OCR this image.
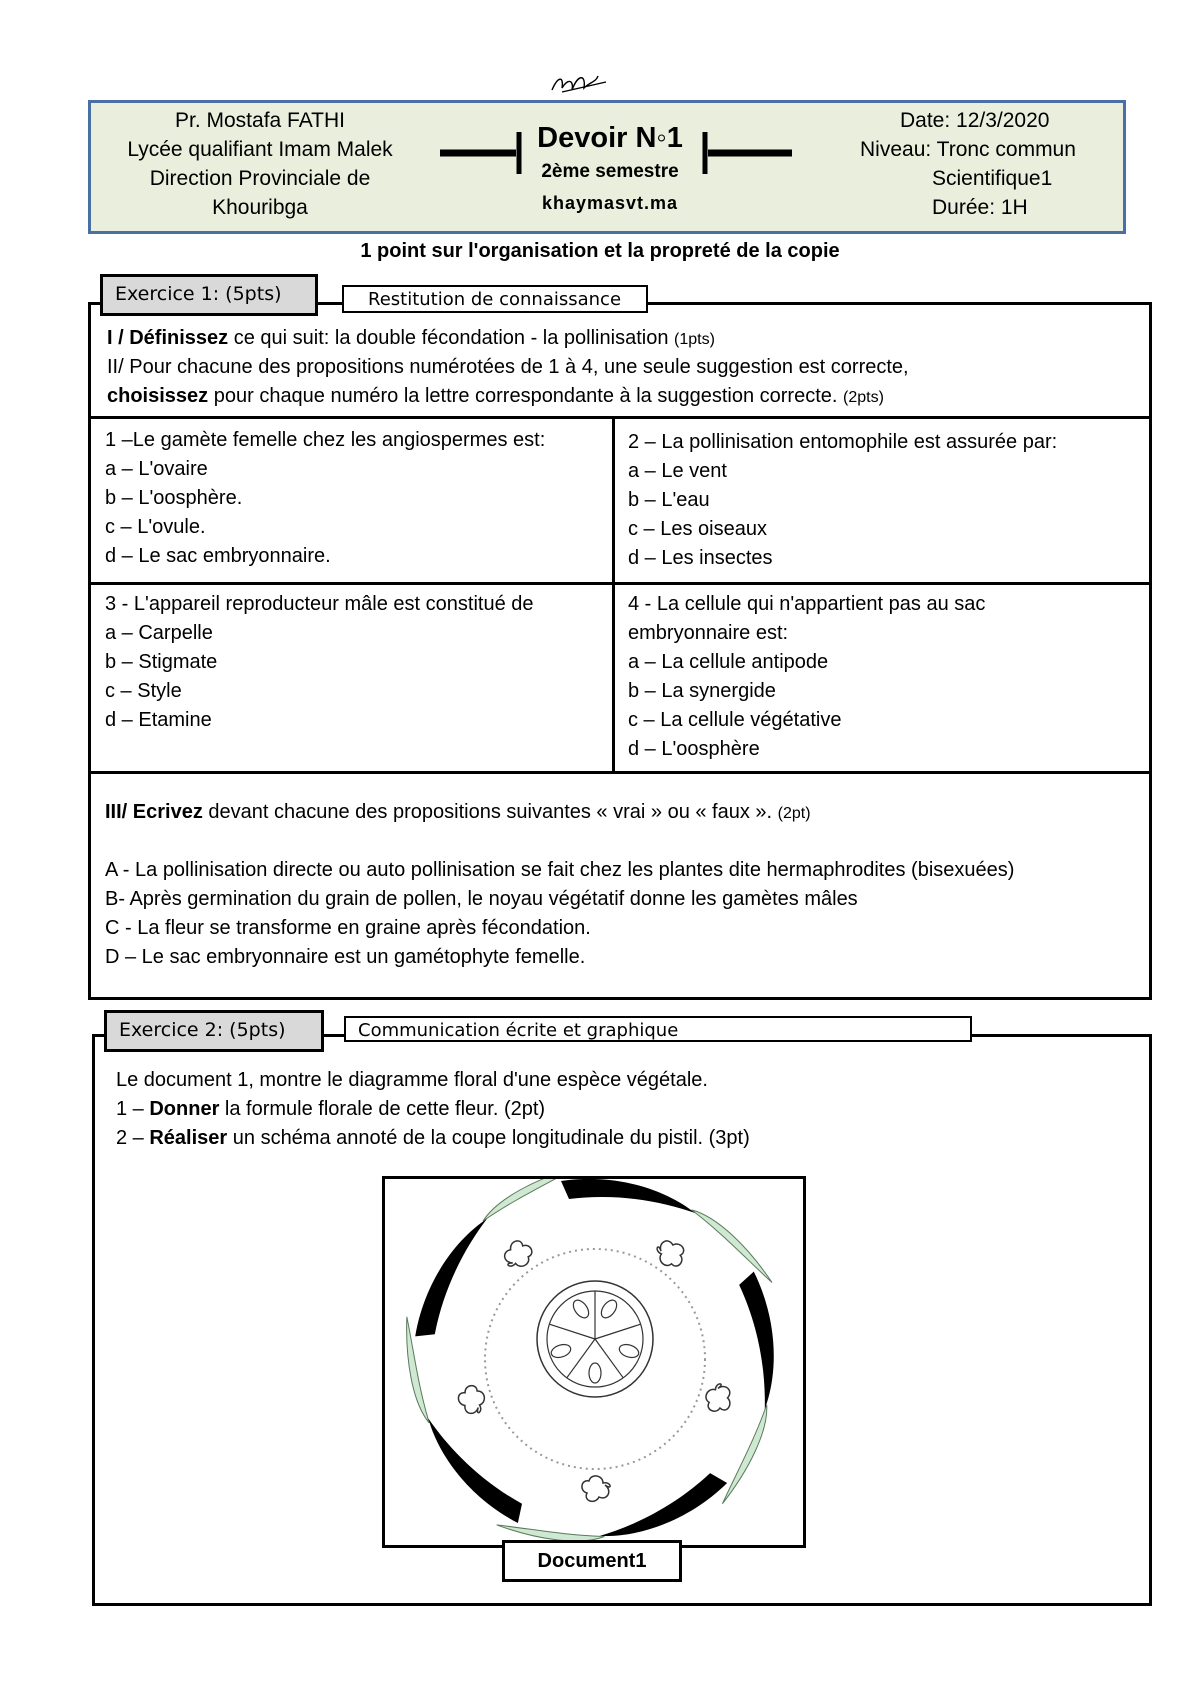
Pr. Mostafa FATHI
Lycée qualifiant Imam Malek
Direction Provinciale de
Khouribga
Devoir N◦1
2ème semestre
khaymasvt.ma
Date: 12/3/2020
Niveau: Tronc commun
Scientifique1
Durée: 1H
1 point sur l'organisation et la propreté de la copie
Exercice 1: (5pts)	Restitution de connaissance
I / Définissez ce qui suit: la double fécondation - la pollinisation (1pts)
II/ Pour chacune des propositions numérotées de 1 à 4, une seule suggestion est correcte,
choisissez pour chaque numéro la lettre correspondante à la suggestion correcte. (2pts)
1 –Le gamète femelle chez les angiospermes est:
a – L'ovaire
b – L'oosphère.
c – L'ovule.
d – Le sac embryonnaire.
2 – La pollinisation entomophile est assurée par:
a – Le vent
b – L'eau
c – Les oiseaux
d – Les insectes
3 - L'appareil reproducteur mâle est constitué de
a – Carpelle
b – Stigmate
c – Style
d – Etamine
4 - La cellule qui n'appartient pas au sac
embryonnaire est:
a – La cellule antipode
b – La synergide
c – La cellule végétative
d – L'oosphère
III/ Ecrivez devant chacune des propositions suivantes « vrai » ou « faux ». (2pt)
A - La pollinisation directe ou auto pollinisation se fait chez les plantes dite hermaphrodites (bisexuées)
B- Après germination du grain de pollen, le noyau végétatif donne les gamètes mâles
C - La fleur se transforme en graine après fécondation.
D – Le sac embryonnaire est un gamétophyte femelle.
Exercice 2: (5pts)	Communication écrite et graphique
Le document 1, montre le diagramme floral d'une espèce végétale.
1 – Donner la formule florale de cette fleur. (2pt)
2 – Réaliser un schéma annoté de la coupe longitudinale du pistil. (3pt)
Document1
